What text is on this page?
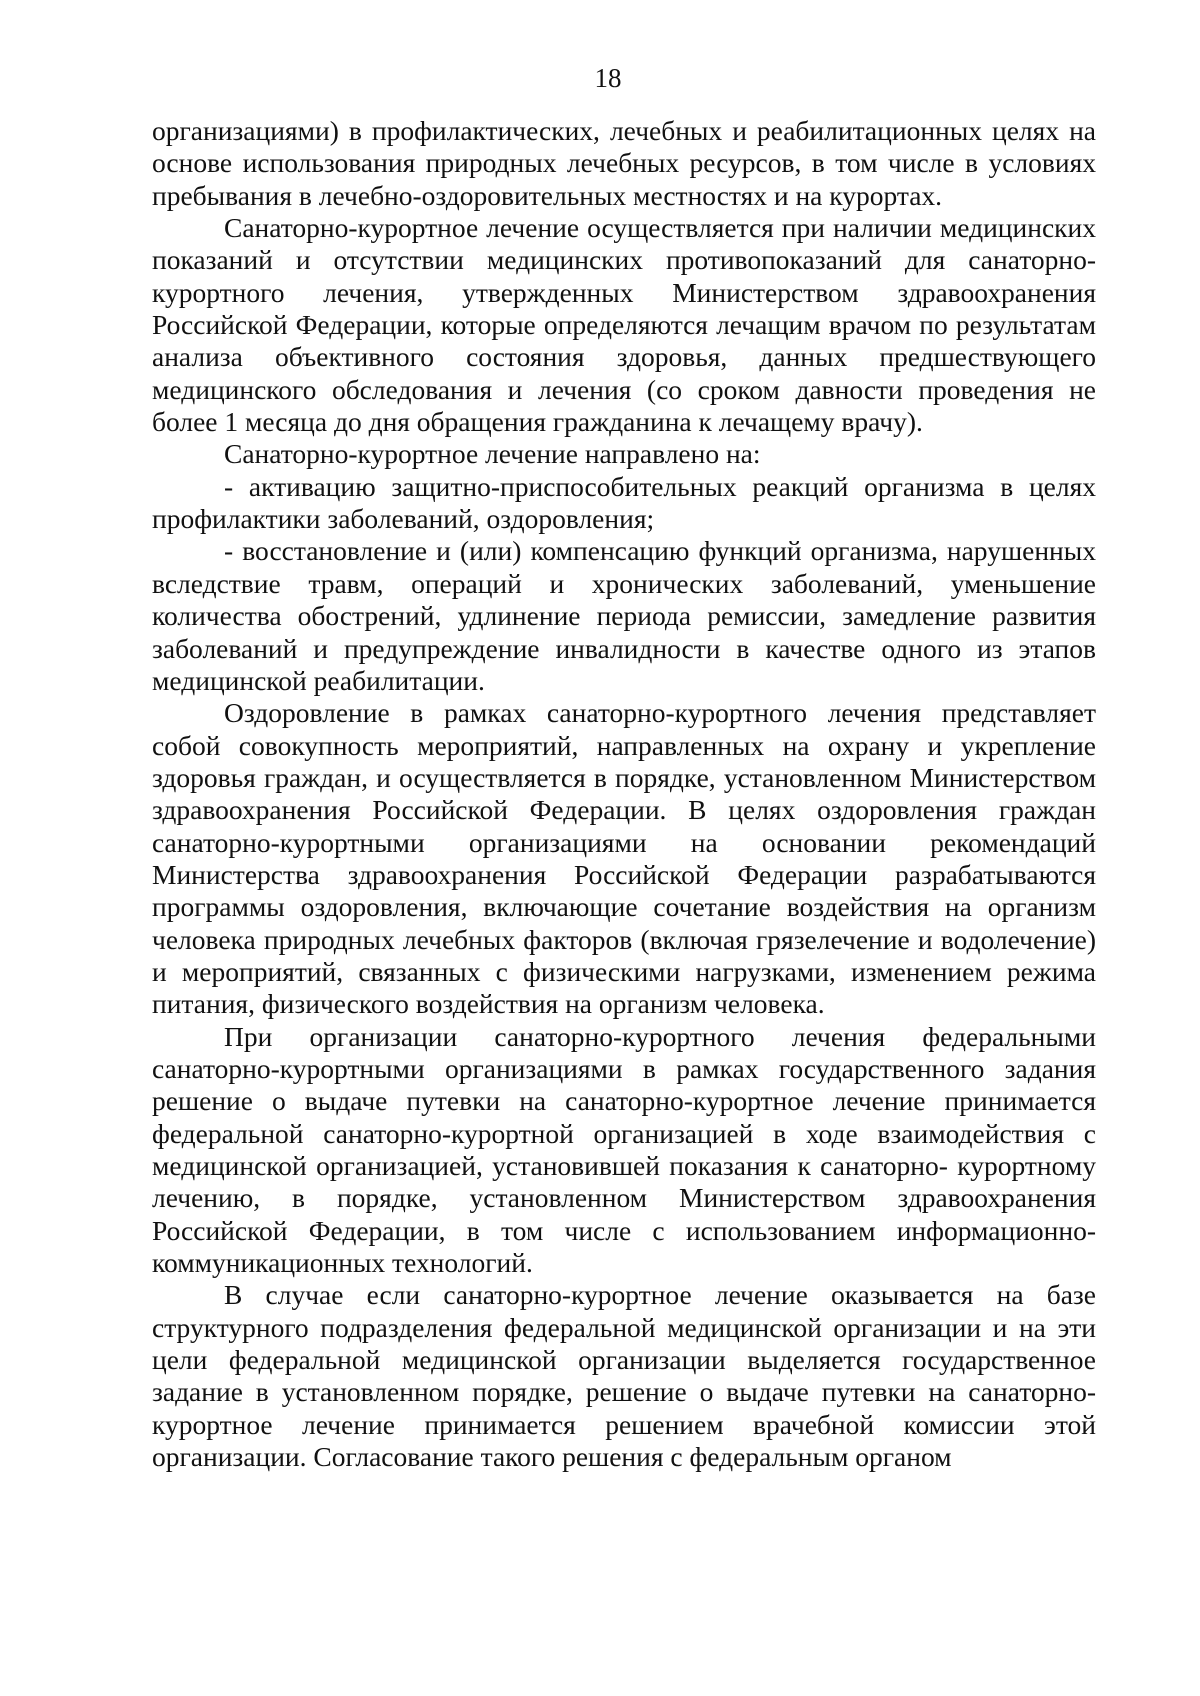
18

организациями) в профилактических, лечебных и реабилитационных целях на основе использования природных лечебных ресурсов, в том числе в условиях пребывания в лечебно-оздоровительных местностях и на курортах.

Санаторно-курортное лечение осуществляется при наличии медицинских показаний и отсутствии медицинских противопоказаний для санаторно-курортного лечения, утвержденных Министерством здравоохранения Российской Федерации, которые определяются лечащим врачом по результатам анализа объективного состояния здоровья, данных предшествующего медицинского обследования и лечения (со сроком давности проведения не более 1 месяца до дня обращения гражданина к лечащему врачу).

Санаторно-курортное лечение направлено на:

- активацию защитно-приспособительных реакций организма в целях профилактики заболеваний, оздоровления;

- восстановление и (или) компенсацию функций организма, нарушенных вследствие травм, операций и хронических заболеваний, уменьшение количества обострений, удлинение периода ремиссии, замедление развития заболеваний и предупреждение инвалидности в качестве одного из этапов медицинской реабилитации.

Оздоровление в рамках санаторно-курортного лечения представляет собой совокупность мероприятий, направленных на охрану и укрепление здоровья граждан, и осуществляется в порядке, установленном Министерством здравоохранения Российской Федерации. В целях оздоровления граждан санаторно-курортными организациями на основании рекомендаций Министерства здравоохранения Российской Федерации разрабатываются программы оздоровления, включающие сочетание воздействия на организм человека природных лечебных факторов (включая грязелечение и водолечение) и мероприятий, связанных с физическими нагрузками, изменением режима питания, физического воздействия на организм человека.

При организации санаторно-курортного лечения федеральными санаторно-курортными организациями в рамках государственного задания решение о выдаче путевки на санаторно-курортное лечение принимается федеральной санаторно-курортной организацией в ходе взаимодействия с медицинской организацией, установившей показания к санаторно- курортному лечению, в порядке, установленном Министерством здравоохранения Российской Федерации, в том числе с использованием информационно-коммуникационных технологий.

В случае если санаторно-курортное лечение оказывается на базе структурного подразделения федеральной медицинской организации и на эти цели федеральной медицинской организации выделяется государственное задание в установленном порядке, решение о выдаче путевки на санаторно-курортное лечение принимается решением врачебной комиссии этой организации. Согласование такого решения с федеральным органом
